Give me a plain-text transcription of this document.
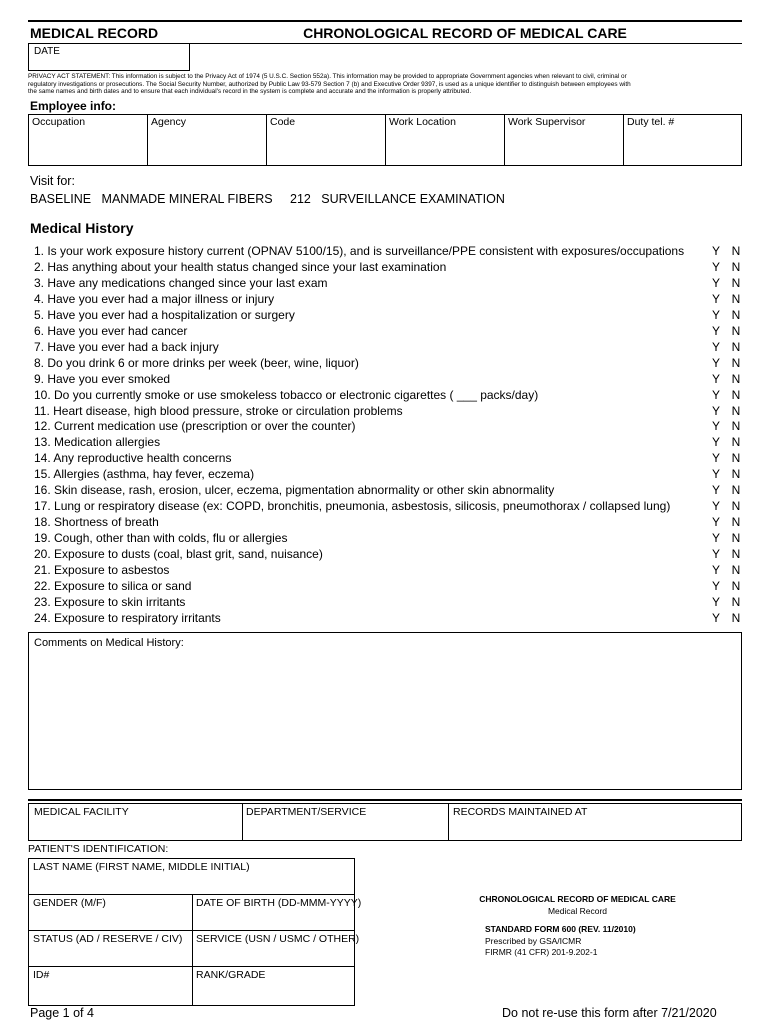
MEDICAL RECORD	CHRONOLOGICAL RECORD OF MEDICAL CARE
DATE
PRIVACY ACT STATEMENT: This information is subject to the Privacy Act of 1974 (5 U.S.C. Section 552a). This information may be provided to appropriate Government agencies when relevant to civil, criminal or
regulatory investigations or prosecutions. The Social Security Number, authorized by Public Law 93-579 Section 7 (b) and Executive Order 9397, is used as a unique identifier to distinguish between employees with
the same names and birth dates and to ensure that each individual's record in the system is complete and accurate and the information is properly attributed.
Employee info:
Occupation	Agency	Code	Work Location	Work Supervisor	Duty tel. #
Visit for:
BASELINE   MANMADE MINERAL FIBERS     212   SURVEILLANCE EXAMINATION
Medical History
1. Is your work exposure history current (OPNAV 5100/15), and is surveillance/PPE consistent with exposures/occupations Y N
2. Has anything about your health status changed since your last examination	Y N
3. Have any medications changed since your last exam	Y N
4. Have you ever had a major illness or injury	Y N
5. Have you ever had a hospitalization or surgery	Y N
6. Have you ever had cancer	Y N
7. Have you ever had a back injury	Y N
8. Do you drink 6 or more drinks per week (beer, wine, liquor)	Y N
9. Have you ever smoked	Y N
10. Do you currently smoke or use smokeless tobacco or electronic cigarettes ( ___ packs/day)	Y N
11. Heart disease, high blood pressure, stroke or circulation problems	Y N
12. Current medication use (prescription or over the counter)	Y N
13. Medication allergies	Y N
14. Any reproductive health concerns	Y N
15. Allergies (asthma, hay fever, eczema)	Y N
16. Skin disease, rash, erosion, ulcer, eczema, pigmentation abnormality or other skin abnormality	Y N
17. Lung or respiratory disease (ex: COPD, bronchitis, pneumonia, asbestosis, silicosis, pneumothorax / collapsed lung)	Y N
18. Shortness of breath	Y N
19. Cough, other than with colds, flu or allergies	Y N
20. Exposure to dusts (coal, blast grit, sand, nuisance)	Y N
21. Exposure to asbestos	Y N
22. Exposure to silica or sand	Y N
23. Exposure to skin irritants	Y N
24. Exposure to respiratory irritants	Y N
Comments on Medical History:
MEDICAL FACILITY	DEPARTMENT/SERVICE	RECORDS MAINTAINED AT
PATIENT'S IDENTIFICATION:
LAST NAME (FIRST NAME, MIDDLE INITIAL)
GENDER (M/F)	DATE OF BIRTH (DD-MMM-YYYY)
STATUS (AD / RESERVE / CIV) SERVICE (USN / USMC / OTHER)
ID#	RANK/GRADE
CHRONOLOGICAL RECORD OF MEDICAL CARE
Medical Record
STANDARD FORM 600 (REV. 11/2010)
Prescribed by GSA/ICMR
FIRMR (41 CFR) 201-9.202-1
Page 1 of 4	Do not re-use this form after 7/21/2020
